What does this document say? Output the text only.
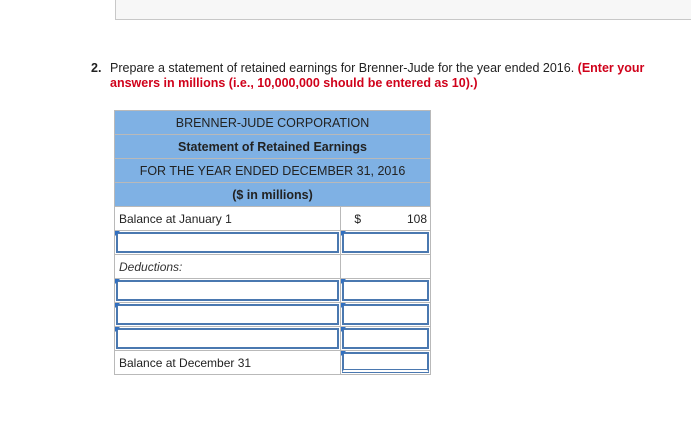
2. Prepare a statement of retained earnings for Brenner-Jude for the year ended 2016. (Enter your

answers in millions (i.e., 10,000,000 should be entered as 10).)
BRENNER-JUDE CORPORATION	
Statement of Retained Earnings	
FOR THE YEAR ENDED DECEMBER 31, 2016	
($ in millions)	
Balance at January 1	$ 108

Deductions:	

Balance at December 31	
